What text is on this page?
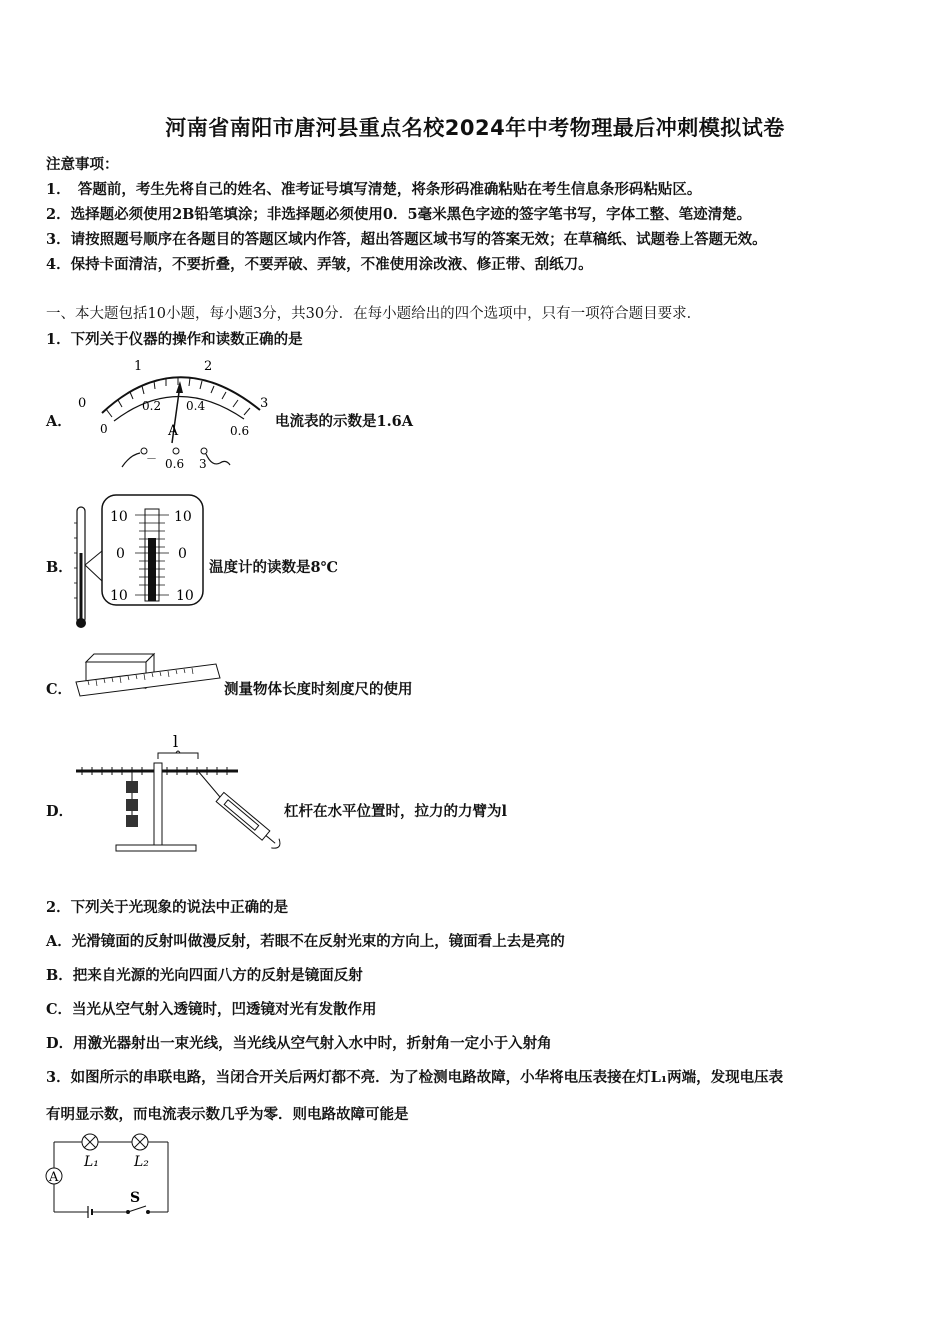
河南省南阳市唐河县重点名校2024年中考物理最后冲刺模拟试卷
注意事项：
1．　答题前，考生先将自己的姓名、准考证号填写清楚，将条形码准确粘贴在考生信息条形码粘贴区。
2．选择题必须使用2B铅笔填涂；非选择题必须使用0．5毫米黑色字迹的签字笔书写，字体工整、笔迹清楚。
3．请按照题号顺序在各题目的答题区域内作答，超出答题区域书写的答案无效；在草稿纸、试题卷上答题无效。
4．保持卡面清洁，不要折叠，不要弄破、弄皱，不准使用涂改液、修正带、刮纸刀。
一、本大题包括10小题，每小题3分，共30分．在每小题给出的四个选项中，只有一项符合题目要求．
1．下列关于仪器的操作和读数正确的是
A．
0
1	2
3
0.2 0.4
0.6
0	A
－ 0.6 3
电流表的示数是1.6A
B．
10
0
10
10
0
10
温度计的读数是8℃
C．	测量物体长度时刻度尺的使用
D．
l
杠杆在水平位置时，拉力的力臂为l
2．下列关于光现象的说法中正确的是
A．光滑镜面的反射叫做漫反射，若眼不在反射光束的方向上，镜面看上去是亮的
B．把来自光源的光向四面八方的反射是镜面反射
C．当光从空气射入透镜时，凹透镜对光有发散作用
D．用激光器射出一束光线，当光线从空气射入水中时，折射角一定小于入射角
3．如图所示的串联电路，当闭合开关后两灯都不亮．为了检测电路故障，小华将电压表接在灯L₁两端，发现电压表
有明显示数，而电流表示数几乎为零．则电路故障可能是
A
L₁	L₂
S
